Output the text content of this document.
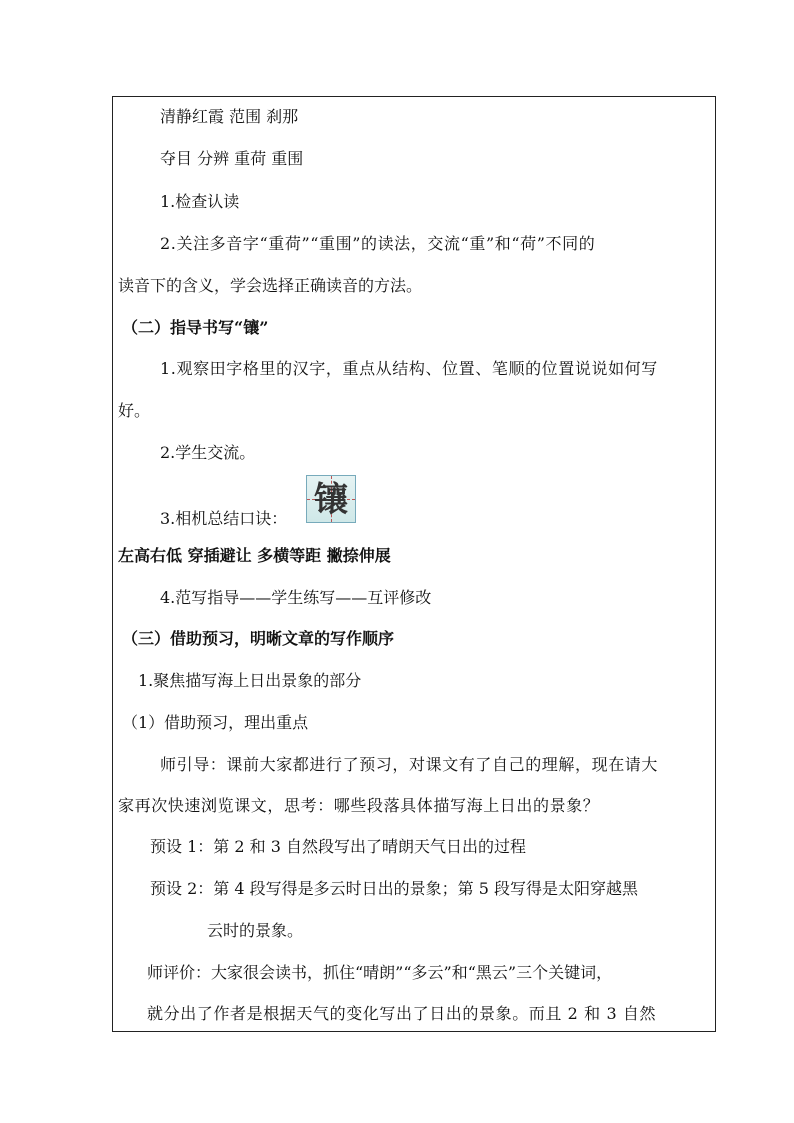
清静红霞 范围 刹那
夺目 分辨 重荷 重围
1.检查认读
2.关注多音字“重荷”“重围”的读法，交流“重”和“荷”不同的
读音下的含义，学会选择正确读音的方法。
（二）指导书写“镶”
1.观察田字格里的汉字，重点从结构、位置、笔顺的位置说说如何写
好。
2.学生交流。
3.相机总结口诀： 镶
左高右低 穿插避让 多横等距 撇捺伸展
4.范写指导——学生练写——互评修改
（三）借助预习，明晰文章的写作顺序
1.聚焦描写海上日出景象的部分
（1）借助预习，理出重点
师引导：课前大家都进行了预习，对课文有了自己的理解，现在请大
家再次快速浏览课文，思考：哪些段落具体描写海上日出的景象？
预设 1：第 2 和 3 自然段写出了晴朗天气日出的过程
预设 2：第 4 段写得是多云时日出的景象；第 5 段写得是太阳穿越黑
云时的景象。
师评价：大家很会读书，抓住“晴朗”“多云”和“黑云”三个关键词，
就分出了作者是根据天气的变化写出了日出的景象。而且 2 和 3 自然
